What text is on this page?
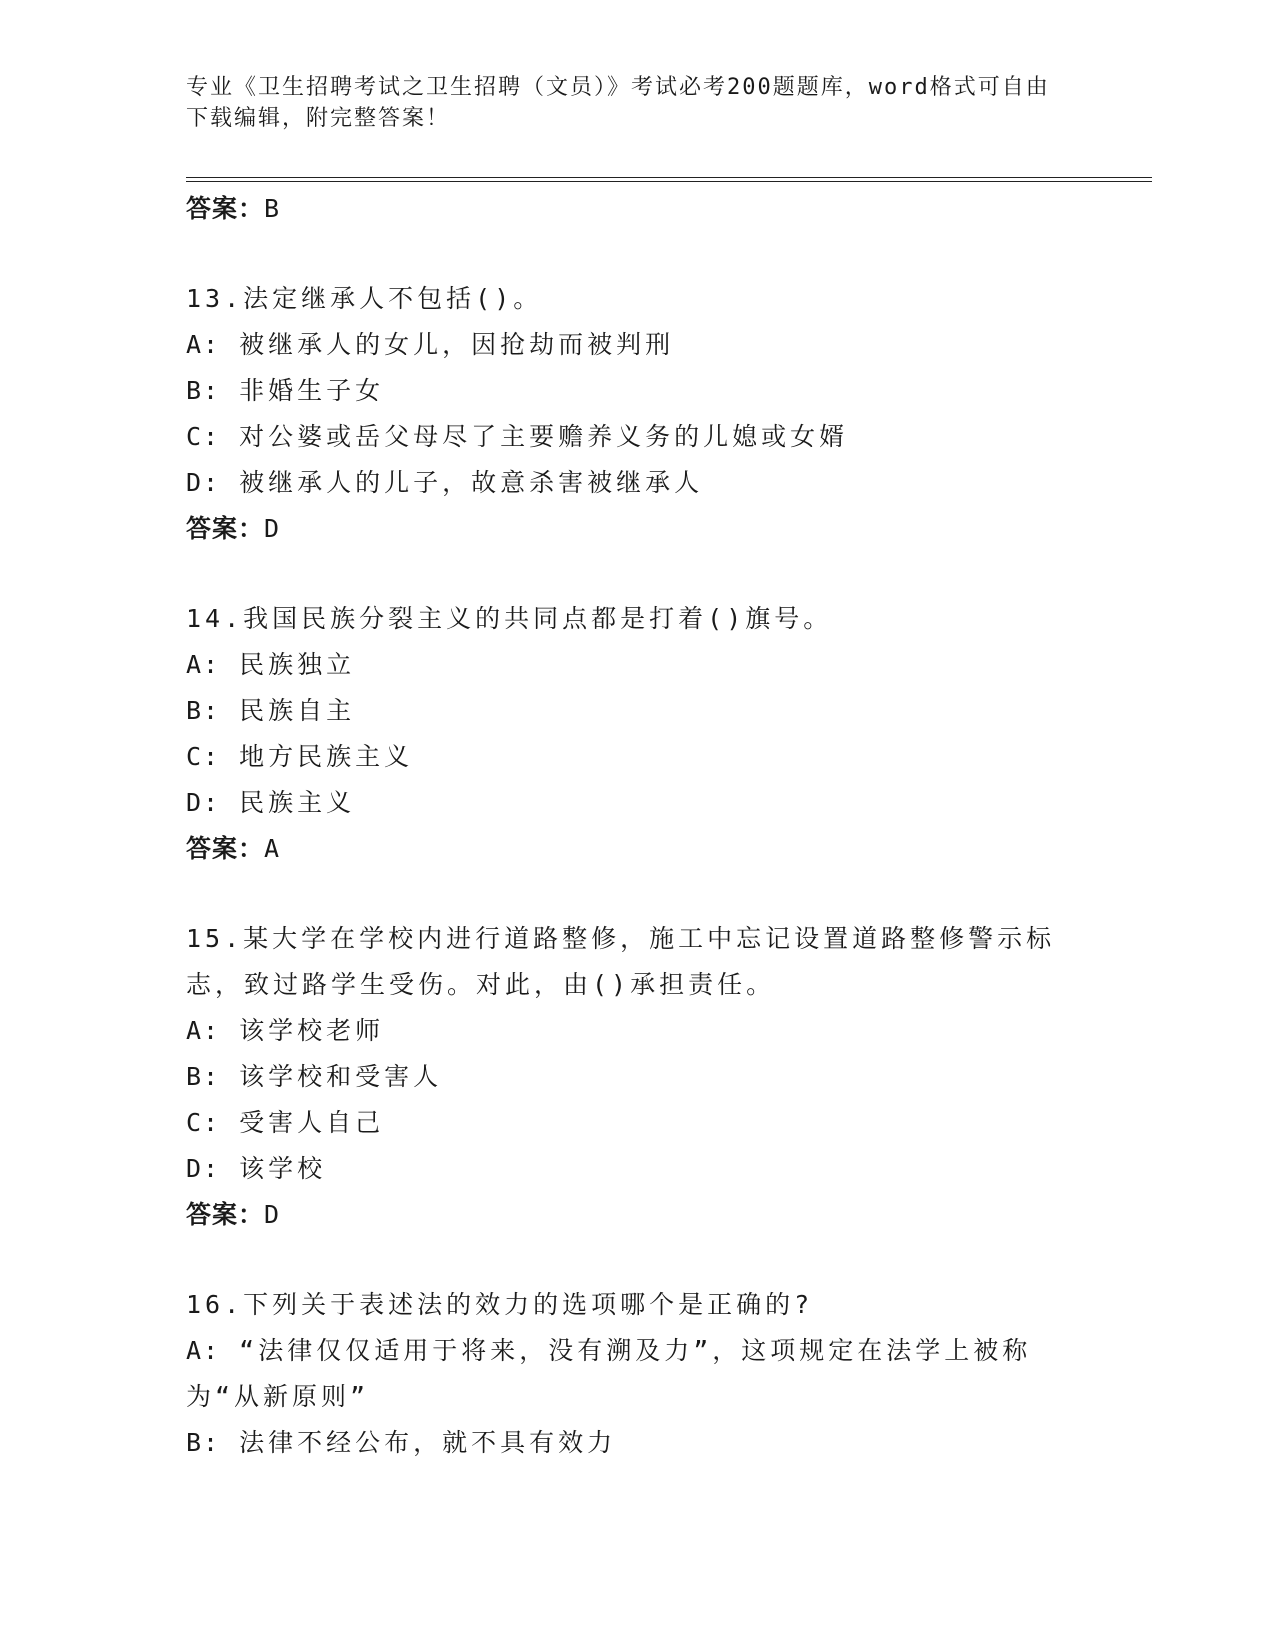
专业《卫生招聘考试之卫生招聘（文员）》考试必考200题题库，word格式可自由下载编辑，附完整答案！
答案：B

13.法定继承人不包括()。

A: 被继承人的女儿，因抢劫而被判刑

B: 非婚生子女

C: 对公婆或岳父母尽了主要赡养义务的儿媳或女婿

D: 被继承人的儿子，故意杀害被继承人

答案：D

14.我国民族分裂主义的共同点都是打着()旗号。

A: 民族独立

B: 民族自主

C: 地方民族主义

D: 民族主义

答案：A

15.某大学在学校内进行道路整修，施工中忘记设置道路整修警示标志，致过路学生受伤。对此，由()承担责任。

A: 该学校老师

B: 该学校和受害人

C: 受害人自己

D: 该学校

答案：D

16.下列关于表述法的效力的选项哪个是正确的?

A: “法律仅仅适用于将来，没有溯及力”，这项规定在法学上被称为“从新原则”

B: 法律不经公布，就不具有效力
